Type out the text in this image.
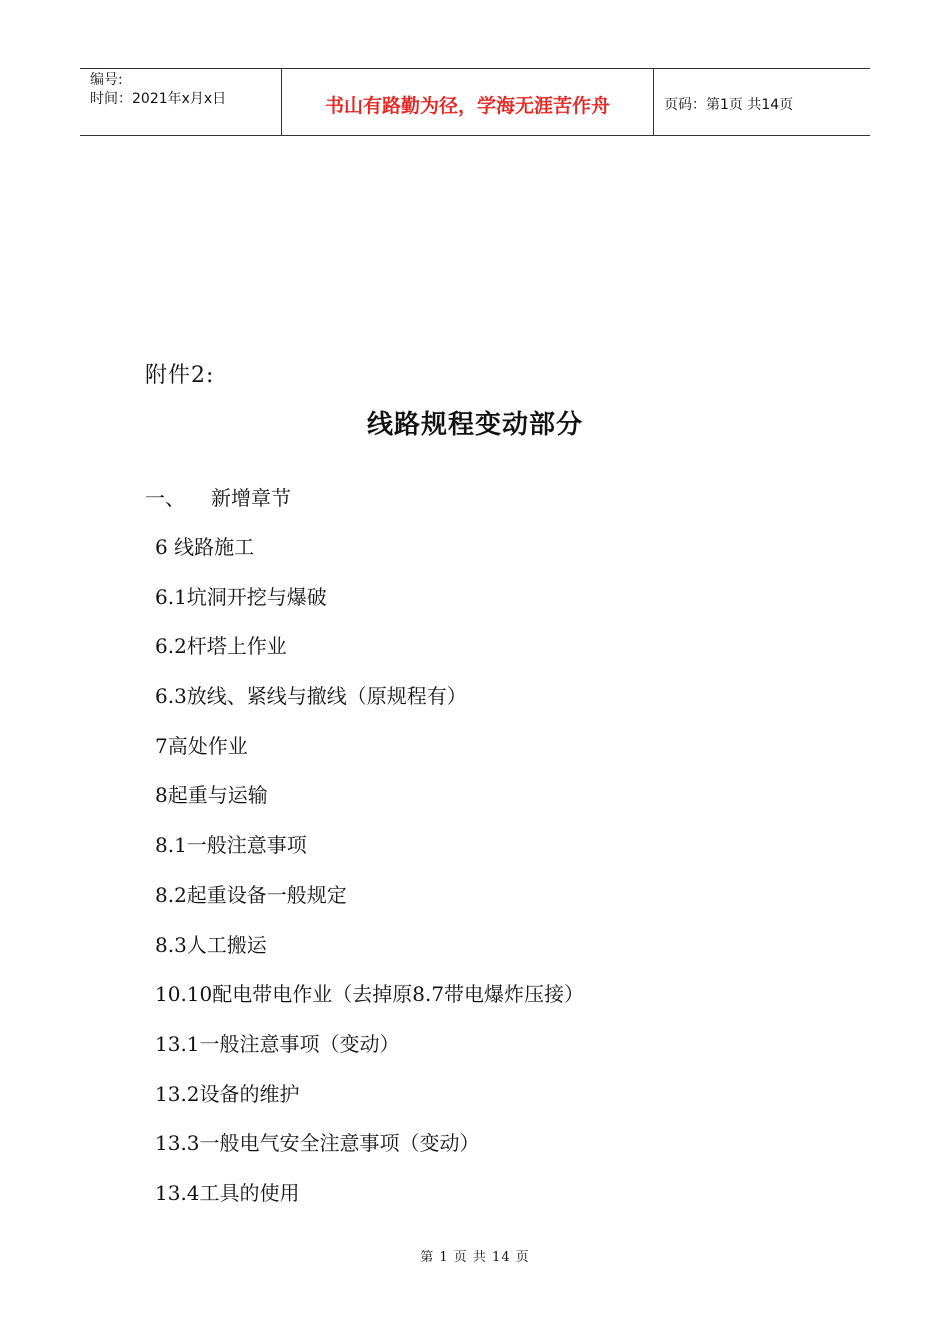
编号:
时间：2021年x月x日	书山有路勤为径，学海无涯苦作舟	页码：第1页 共14页
附件2:
线路规程变动部分
一、 新增章节
6 线路施工
6.1坑洞开挖与爆破
6.2杆塔上作业
6.3放线、紧线与撤线（原规程有）
7高处作业
8起重与运输
8.1一般注意事项
8.2起重设备一般规定
8.3人工搬运
10.10配电带电作业（去掉原8.7带电爆炸压接）
13.1一般注意事项（变动）
13.2设备的维护
13.3一般电气安全注意事项（变动）
13.4工具的使用
第 1 页 共 14 页
